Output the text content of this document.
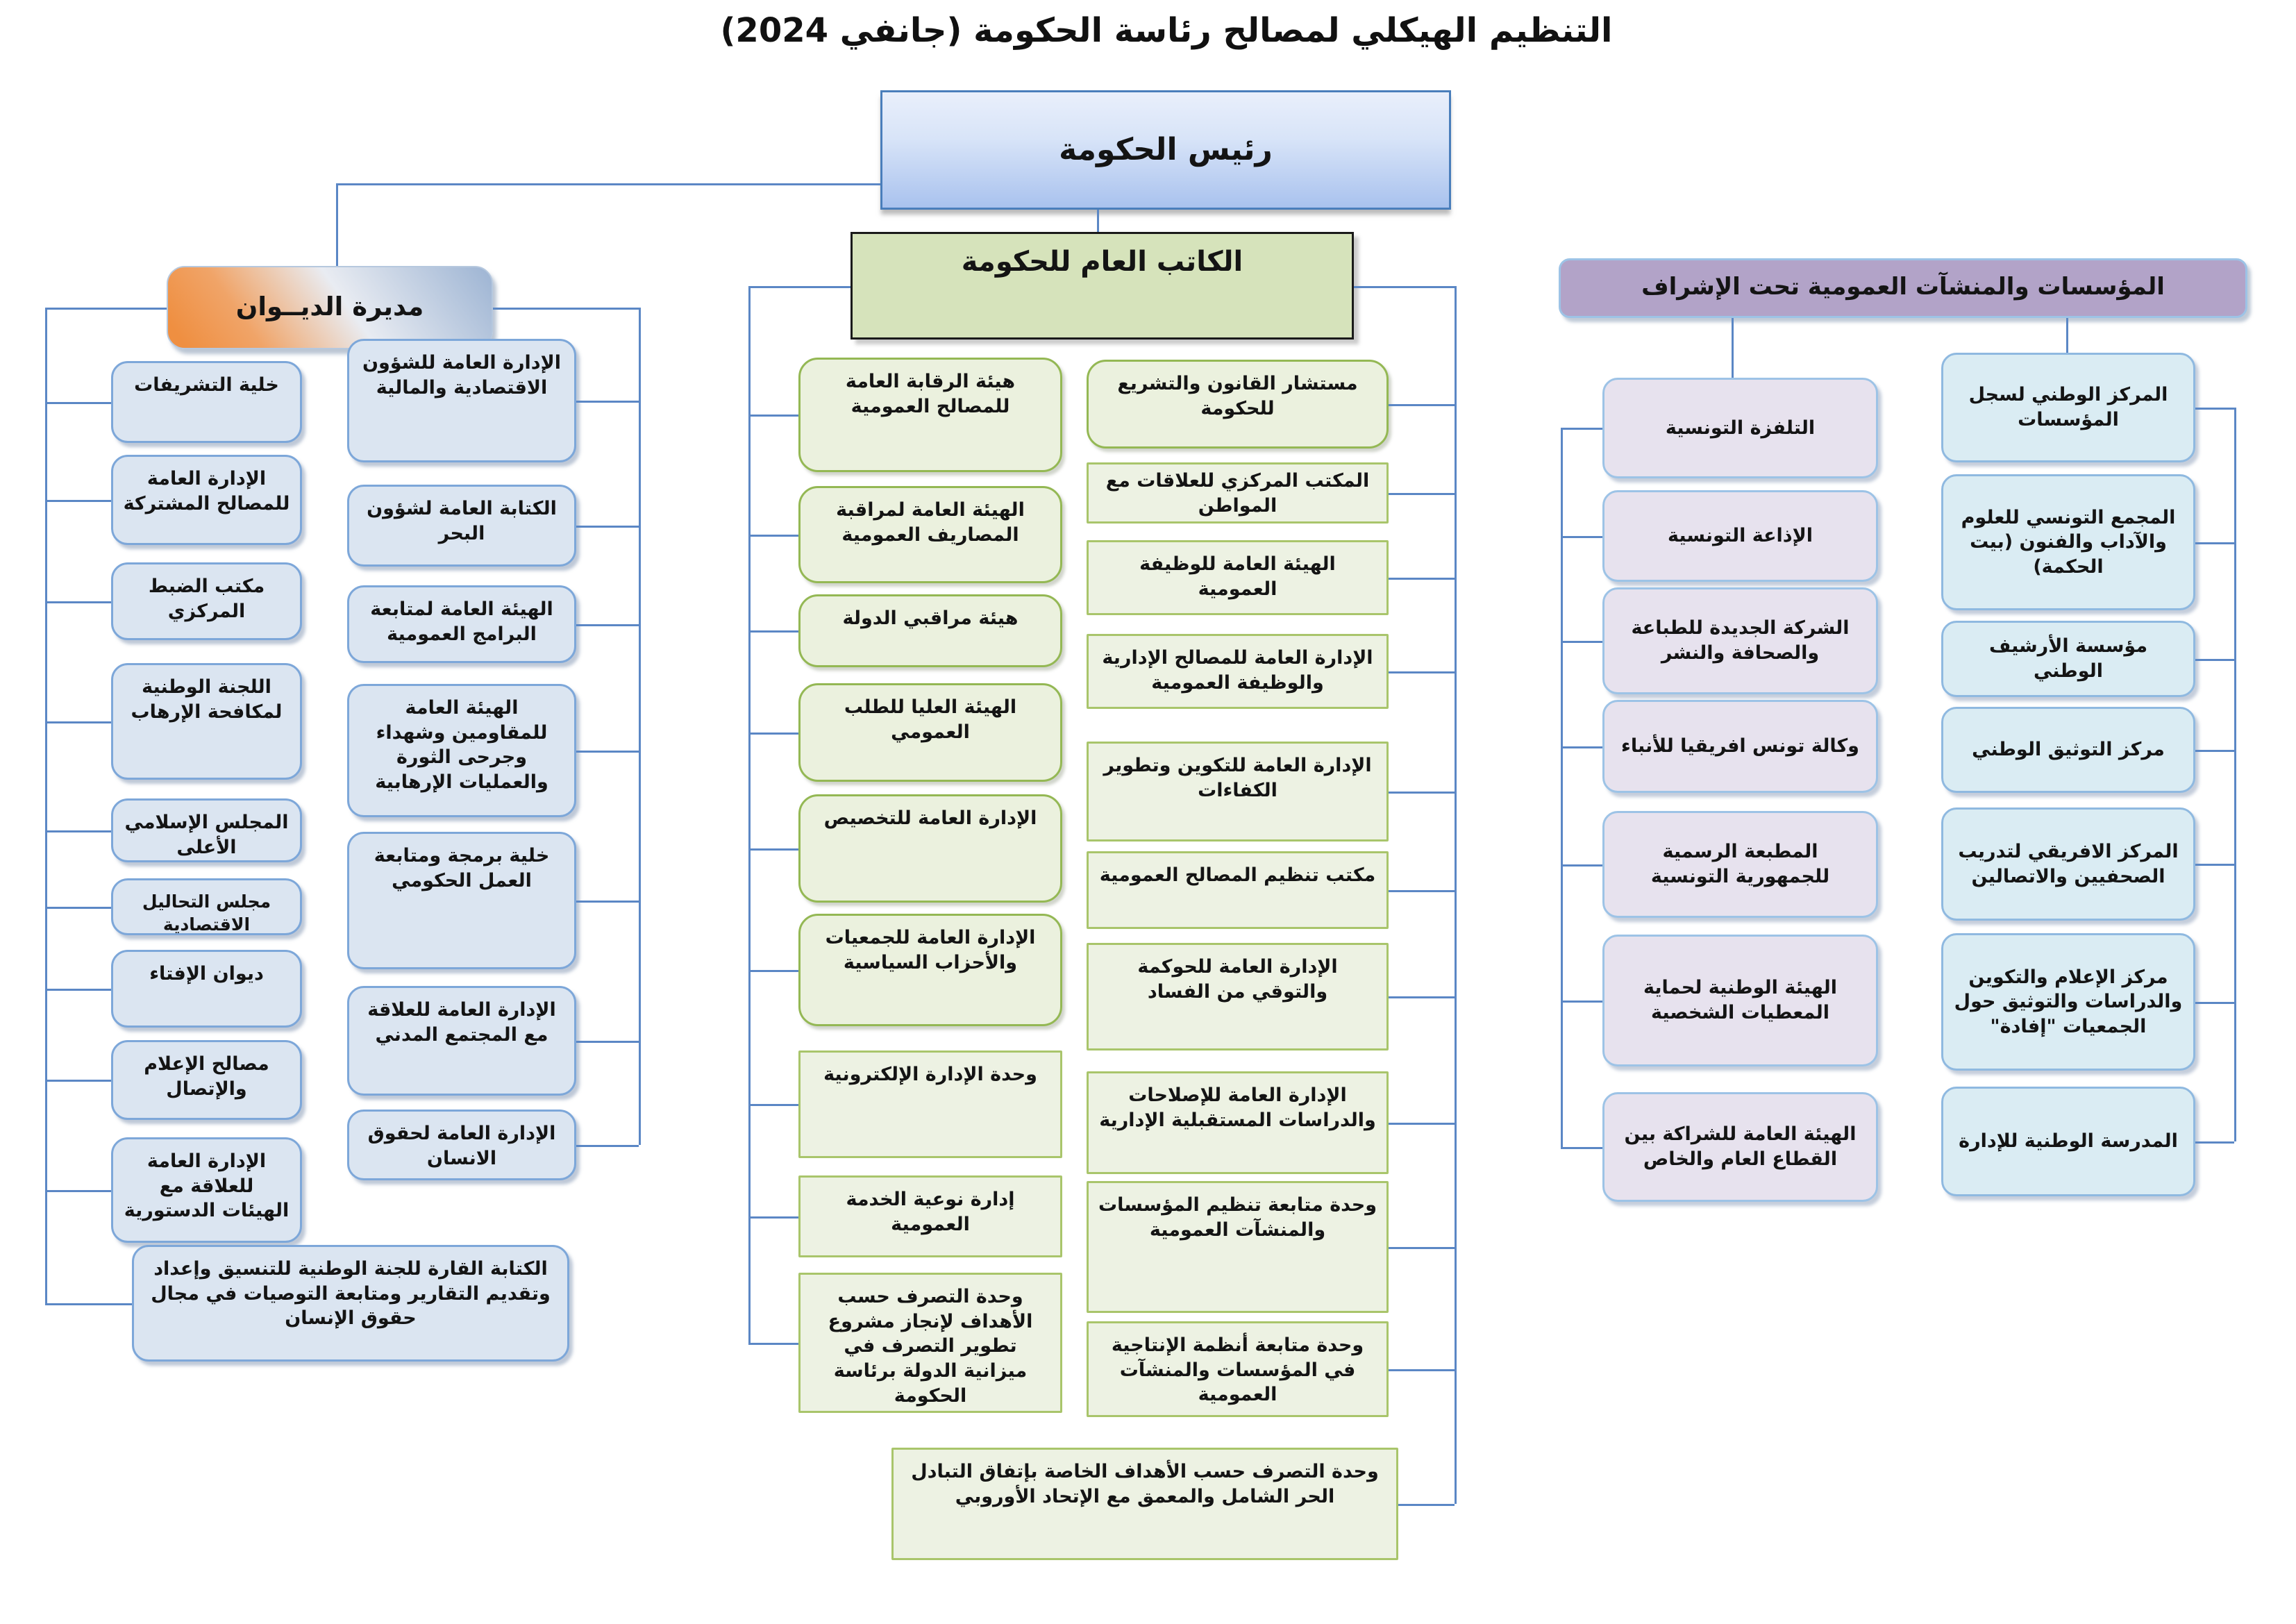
التنظيم الهيكلي لمصالح رئاسة الحكومة (جانفي 2024)
رئيس الحكومة
مديرة الديــوان
الكاتب العام للحكومة
المؤسسات والمنشآت العمومية تحت الإشراف
خلية التشريفات
الإدارة العامة للمصالح المشتركة
مكتب الضبط المركزي
اللجنة الوطنية لمكافحة الإرهاب
المجلس الإسلامي الأعلى
مجلس التحاليل الاقتصادية
ديوان الإفتاء
مصالح الإعلام والإتصال
الإدارة العامة للعلاقة مع الهيئات الدستورية
الكتابة القارة للجنة الوطنية للتنسيق وإعداد وتقديم التقارير ومتابعة التوصيات في مجال حقوق الإنسان
الإدارة العامة للشؤون الاقتصادية والمالية
الكتابة العامة لشؤون البحر
الهيئة العامة لمتابعة البرامج العمومية
الهيئة العامة للمقاومين وشهداء وجرحى الثورة والعمليات الإرهابية
خلية برمجة ومتابعة العمل الحكومي
الإدارة العامة للعلاقة مع المجتمع المدني
الإدارة العامة لحقوق الانسان
هيئة الرقابة العامة للمصالح العمومية
الهيئة العامة لمراقبة المصاريف العمومية
هيئة مراقبي الدولة
الهيئة العليا للطلب العمومي
الإدارة العامة للتخصيص
الإدارة العامة للجمعيات والأحزاب السياسية
وحدة الإدارة الإلكترونية
إدارة نوعية الخدمة العمومية
وحدة التصرف حسب الأهداف لإنجاز مشروع تطوير التصرف في ميزانية الدولة برئاسة الحكومة
مستشار القانون والتشريع للحكومة
المكتب المركزي للعلاقات مع المواطن
الهيئة العامة للوظيفة العمومية
الإدارة العامة للمصالح الإدارية والوظيفة العمومية
الإدارة العامة للتكوين وتطوير الكفاءات
مكتب تنظيم المصالح العمومية
الإدارة العامة للحوكمة والتوقي من الفساد
الإدارة العامة للإصلاحات والدراسات المستقبلية الإدارية
وحدة متابعة تنظيم المؤسسات والمنشآت العمومية
وحدة متابعة أنظمة الإنتاجية في المؤسسات والمنشآت العمومية
وحدة التصرف حسب الأهداف الخاصة بإتفاق التبادل الحر الشامل والمعمق مع الإتحاد الأوروبي
التلفزة التونسية
الإذاعة التونسية
الشركة الجديدة للطباعة والصحافة والنشر
وكالة تونس افريقيا للأنباء
المطبعة الرسمية للجمهورية التونسية
الهيئة الوطنية لحماية المعطيات الشخصية
الهيئة العامة للشراكة بين القطاع العام والخاص
المركز الوطني لسجل المؤسسات
المجمع التونسي للعلوم والآداب والفنون (بيت الحكمة)
مؤسسة الأرشيف الوطني
مركز التوثيق الوطني
المركز الافريقي لتدريب الصحفيين والاتصالين
مركز الإعلام والتكوين والدراسات والتوثيق حول الجمعيات "إفادة"
المدرسة الوطنية للإدارة
